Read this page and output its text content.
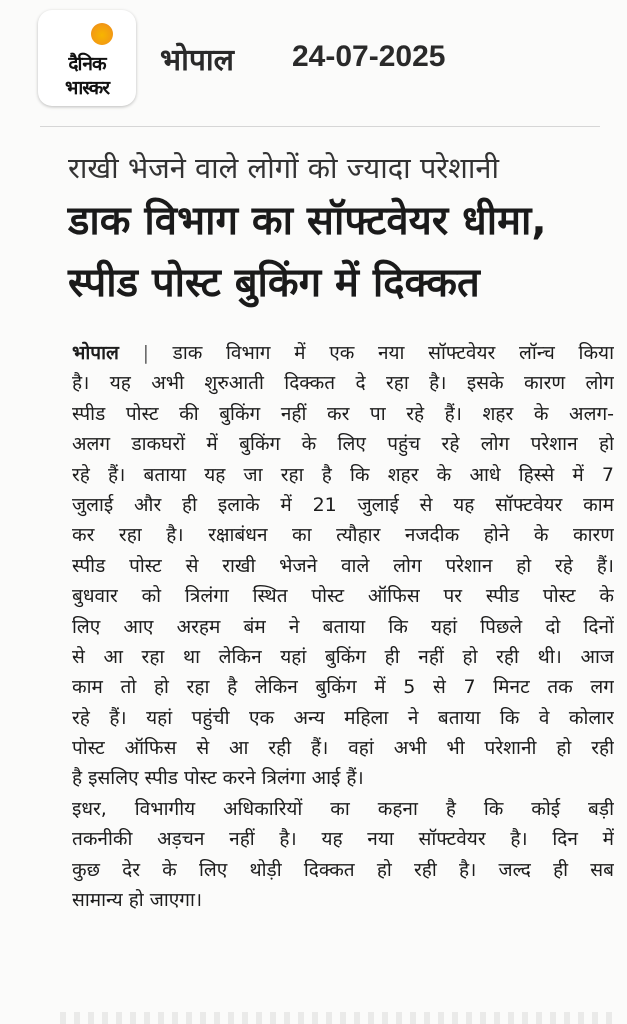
दैनिक
भास्कर
भोपाल 24-07-2025
राखी भेजने वाले लोगों को ज्यादा परेशानी
डाक विभाग का सॉफ्टवेयर धीमा,
स्पीड पोस्ट बुकिंग में दिक्कत
भोपाल | डाक विभाग में एक नया सॉफ्टवेयर लॉन्च किया
है। यह अभी शुरुआती दिक्कत दे रहा है। इसके कारण लोग
स्पीड पोस्ट की बुकिंग नहीं कर पा रहे हैं। शहर के अलग-
अलग डाकघरों में बुकिंग के लिए पहुंच रहे लोग परेशान हो
रहे हैं। बताया यह जा रहा है कि शहर के आधे हिस्से में 7
जुलाई और ही इलाके में 21 जुलाई से यह सॉफ्टवेयर काम
कर रहा है। रक्षाबंधन का त्यौहार नजदीक होने के कारण
स्पीड पोस्ट से राखी भेजने वाले लोग परेशान हो रहे हैं।
बुधवार को त्रिलंगा स्थित पोस्ट ऑफिस पर स्पीड पोस्ट के
लिए आए अरहम बंम ने बताया कि यहां पिछले दो दिनों
से आ रहा था लेकिन यहां बुकिंग ही नहीं हो रही थी। आज
काम तो हो रहा है लेकिन बुकिंग में 5 से 7 मिनट तक लग
रहे हैं। यहां पहुंची एक अन्य महिला ने बताया कि वे कोलार
पोस्ट ऑफिस से आ रही हैं। वहां अभी भी परेशानी हो रही
है इसलिए स्पीड पोस्ट करने त्रिलंगा आई हैं।
इधर, विभागीय अधिकारियों का कहना है कि कोई बड़ी
तकनीकी अड़चन नहीं है। यह नया सॉफ्टवेयर है। दिन में
कुछ देर के लिए थोड़ी दिक्कत हो रही है। जल्द ही सब
सामान्य हो जाएगा।
